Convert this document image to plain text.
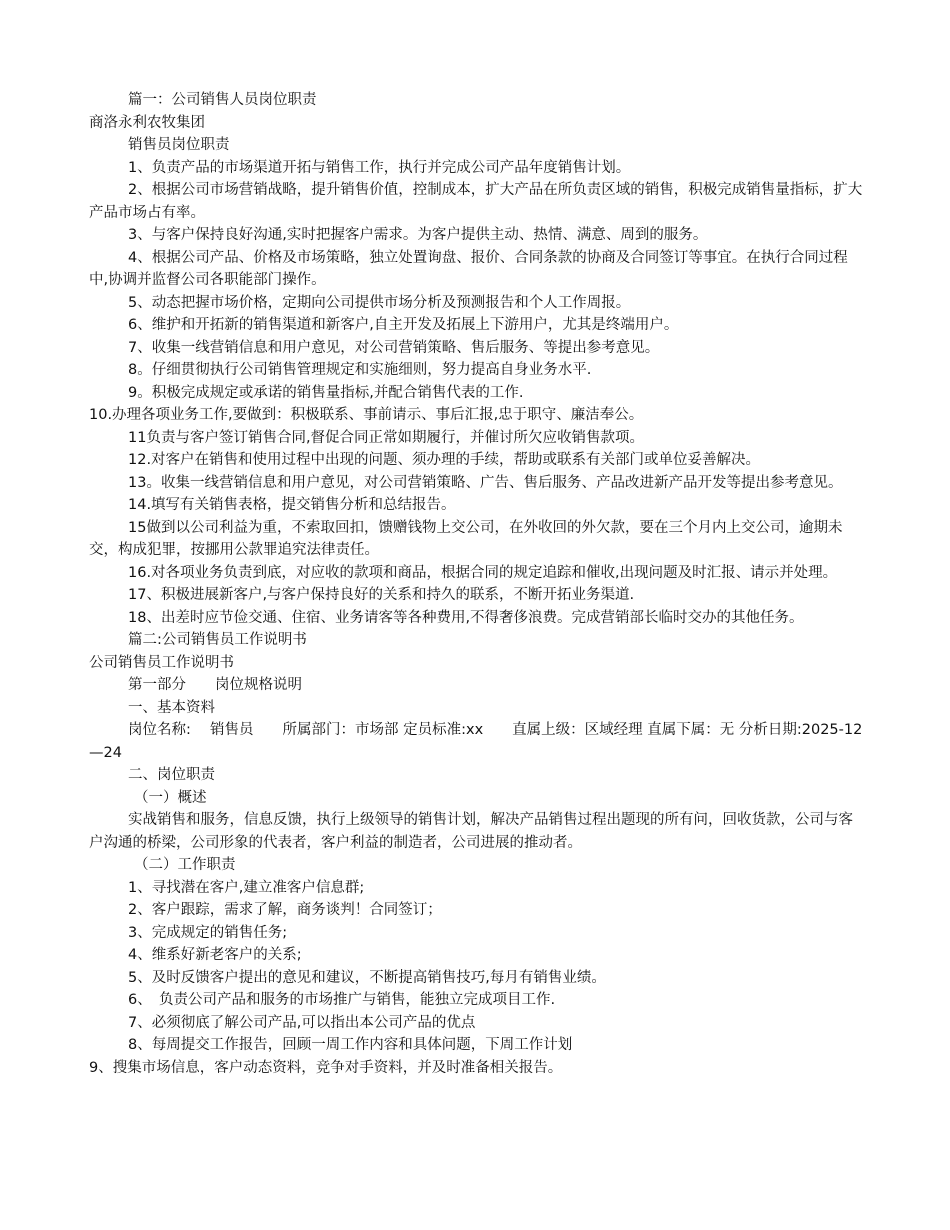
篇一：公司销售人员岗位职责

商洛永利农牧集团

销售员岗位职责

1、负责产品的市场渠道开拓与销售工作，执行并完成公司产品年度销售计划。

2、根据公司市场营销战略，提升销售价值，控制成本，扩大产品在所负责区域的销售，积极完成销售量指标，扩大产品市场占有率。

3、与客户保持良好沟通,实时把握客户需求。为客户提供主动、热情、满意、周到的服务。

4、根据公司产品、价格及市场策略，独立处置询盘、报价、合同条款的协商及合同签订等事宜。在执行合同过程中,协调并监督公司各职能部门操作。

5、动态把握市场价格，定期向公司提供市场分析及预测报告和个人工作周报。

6、维护和开拓新的销售渠道和新客户,自主开发及拓展上下游用户，尤其是终端用户。

7、收集一线营销信息和用户意见，对公司营销策略、售后服务、等提出参考意见。

8。仔细贯彻执行公司销售管理规定和实施细则，努力提高自身业务水平.

9。积极完成规定或承诺的销售量指标,并配合销售代表的工作.

10.办理各项业务工作,要做到：积极联系、事前请示、事后汇报,忠于职守、廉洁奉公。

11负责与客户签订销售合同,督促合同正常如期履行，并催讨所欠应收销售款项。

12.对客户在销售和使用过程中出现的问题、须办理的手续，帮助或联系有关部门或单位妥善解决。

13。收集一线营销信息和用户意见，对公司营销策略、广告、售后服务、产品改进新产品开发等提出参考意见。

14.填写有关销售表格，提交销售分析和总结报告。

15做到以公司利益为重，不索取回扣，馈赠钱物上交公司，在外收回的外欠款，要在三个月内上交公司，逾期未交，构成犯罪，按挪用公款罪追究法律责任。

16.对各项业务负责到底，对应收的款项和商品，根据合同的规定追踪和催收,出现问题及时汇报、请示并处理。

17、积极进展新客户,与客户保持良好的关系和持久的联系，不断开拓业务渠道.

18、出差时应节俭交通、住宿、业务请客等各种费用,不得奢侈浪费。完成营销部长临时交办的其他任务。

篇二:公司销售员工作说明书

公司销售员工作说明书

第一部分　　岗位规格说明

一、基本资料

岗位名称:　 销售员　　所属部门：市场部 定员标准:xx　　直属上级：区域经理 直属下属：无 分析日期:2025-12—24

二、岗位职责

（一）概述

实战销售和服务，信息反馈，执行上级领导的销售计划，解决产品销售过程出题现的所有问，回收货款，公司与客户沟通的桥梁，公司形象的代表者，客户利益的制造者，公司进展的推动者。

（二）工作职责

1、寻找潜在客户,建立准客户信息群;

2、客户跟踪，需求了解，商务谈判！合同签订；

3、完成规定的销售任务;

4、维系好新老客户的关系;

5、及时反馈客户提出的意见和建议，不断提高销售技巧,每月有销售业绩。

6、　负责公司产品和服务的市场推广与销售，能独立完成项目工作.

7、必须彻底了解公司产品,可以指出本公司产品的优点

8、每周提交工作报告，回顾一周工作内容和具体问题，下周工作计划

9、搜集市场信息，客户动态资料，竞争对手资料，并及时准备相关报告。
